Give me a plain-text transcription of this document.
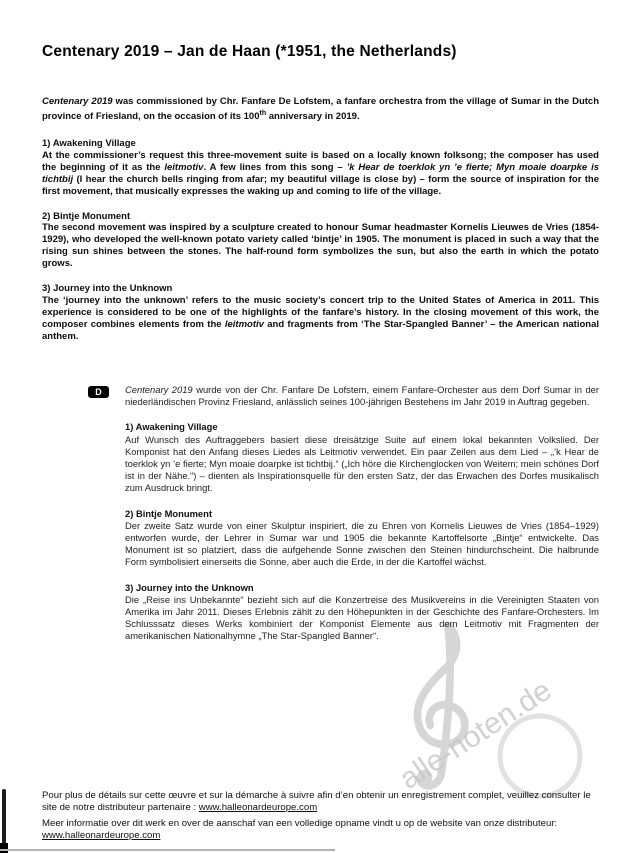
Centenary 2019 – Jan de Haan (*1951, the Netherlands)
alle-noten.de

Centenary 2019 was commissioned by Chr. Fanfare De Lofstem, a fanfare orchestra from the village of Sumar in the Dutch province of Friesland, on the occasion of its 100th anniversary in 2019.

1) Awakening Village
At the commissioner’s request this three-movement suite is based on a locally known folksong; the composer has used the beginning of it as the leitmotiv. A few lines from this song – ’k Hear de toerklok yn ’e fierte; Myn moaie doarpke is tichtbij (I hear the church bells ringing from afar; my beautiful village is close by) – form the source of inspiration for the first movement, that musically expresses the waking up and coming to life of the village.
2) Bintje Monument
The second movement was inspired by a sculpture created to honour Sumar headmaster Kornelis Lieuwes de Vries (1854-1929), who developed the well-known potato variety called ‘bintje’ in 1905. The monument is placed in such a way that the rising sun shines between the stones. The half-round form symbolizes the sun, but also the earth in which the potato grows.
3) Journey into the Unknown
The ‘journey into the unknown’ refers to the music society’s concert trip to the United States of America in 2011. This experience is considered to be one of the highlights of the fanfare’s history. In the closing movement of this work, the composer combines elements from the leitmotiv and fragments from ‘The Star-Spangled Banner’ – the American national anthem.
D	Centenary 2019 wurde von der Chr. Fanfare De Lofstem, einem Fanfare-Orchester aus dem Dorf Sumar in der niederländischen Provinz Friesland, anlässlich seines 100-jährigen Bestehens im Jahr 2019 in Auftrag gegeben.

1) Awakening Village
Auf Wunsch des Auftraggebers basiert diese dreisätzige Suite auf einem lokal bekannten Volkslied. Der Komponist hat den Anfang dieses Liedes als Leitmotiv verwendet. Ein paar Zeilen aus dem Lied – „’k Hear de toerklok yn ’e fierte; Myn moaie doarpke ist tichtbij.“ („Ich höre die Kirchenglocken von Weitem; mein schönes Dorf ist in der Nähe.“) – dienten als Inspirationsquelle für den ersten Satz, der das Erwachen des Dorfes musikalisch zum Ausdruck bringt.
2) Bintje Monument
Der zweite Satz wurde von einer Skulptur inspiriert, die zu Ehren von Kornelis Lieuwes de Vries (1854–1929) entworfen wurde, der Lehrer in Sumar war und 1905 die bekannte Kartoffelsorte „Bintje“ entwickelte. Das Monument ist so platziert, dass die aufgehende Sonne zwischen den Steinen hindurchscheint. Die halbrunde Form symbolisiert einerseits die Sonne, aber auch die Erde, in der die Kartoffel wächst.
3) Journey into the Unknown
Die „Reise ins Unbekannte“ bezieht sich auf die Konzertreise des Musikvereins in die Vereinigten Staaten von Amerika im Jahr 2011. Dieses Erlebnis zählt zu den Höhepunkten in der Geschichte des Fanfare-Orchesters. Im Schlusssatz dieses Werks kombiniert der Komponist Elemente aus dem Leitmotiv mit Fragmenten der amerikanischen Nationalhymne „The Star-Spangled Banner“.

Pour plus de détails sur cette œuvre et sur la démarche à suivre afin d’en obtenir un enregistrement complet, veuillez consulter le site de notre distributeur partenaire : www.halleonardeurope.com

Meer informatie over dit werk en over de aanschaf van een volledige opname vindt u op de website van onze distributeur:
www.halleonardeurope.com
